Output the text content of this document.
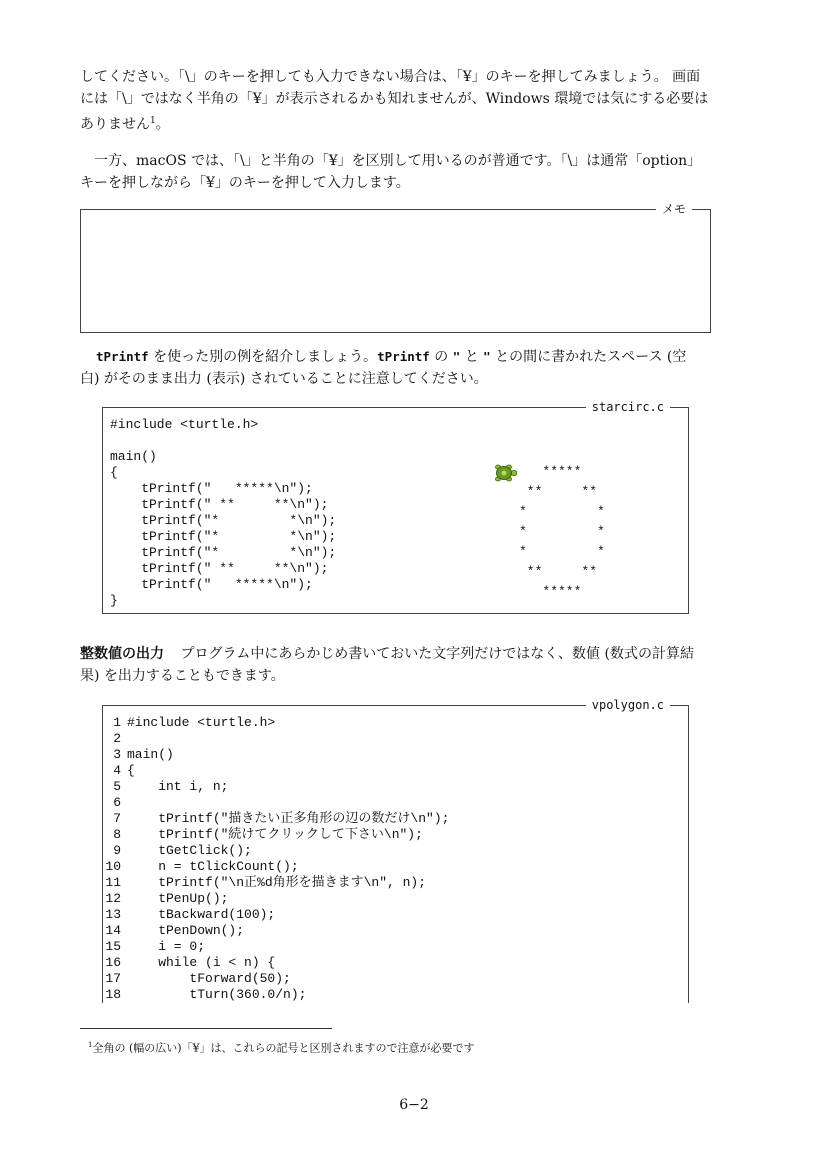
してください。「\」のキーを押しても入力できない場合は、「¥」のキーを押してみましょう。 画面
には「\」ではなく半角の「¥」が表示されるかも知れませんが、Windows 環境では気にする必要は
ありません$^1$。

　一方、macOS では、「\」と半角の「¥」を区別して用いるのが普通です。「\」は通常「option」
キーを押しながら「¥」のキーを押して入力します。

メモ

tPrintf を使った別の例を紹介しましょう。tPrintf の " と " との間に書かれたスペース (空
白) がそのまま出力 (表示) されていることに注意してください。

starcirc.c
#include <turtle.h>

main()
{
tPrintf("   *****\n");
tPrintf(" **     **\n");
tPrintf("*         *\n");
tPrintf("*         *\n");
tPrintf("*         *\n");
tPrintf(" **     **\n");
tPrintf("   *****\n");
}
*****
**     **
*         *
*         *
*         *
**     **
*****

整数値の出力 プログラム中にあらかじめ書いておいた文字列だけではなく、数値 (数式の計算結
果) を出力することもできます。

vpolygon.c
1 #include <turtle.h>
2
3 main()
4 {
5    int i, n;
6
7    tPrintf("描きたい正多角形の辺の数だけ\n");
8    tPrintf("続けてクリックして下さい\n");
9    tGetClick();
10    n = tClickCount();
11    tPrintf("\n正%d角形を描きます\n", n);
12    tPenUp();
13    tBackward(100);
14    tPenDown();
15    i = 0;
16    while (i < n) {
17        tForward(50);
18        tTurn(360.0/n);
$^1$全角の (幅の広い)「¥」は、これらの記号と区別されますので注意が必要です
6−2
